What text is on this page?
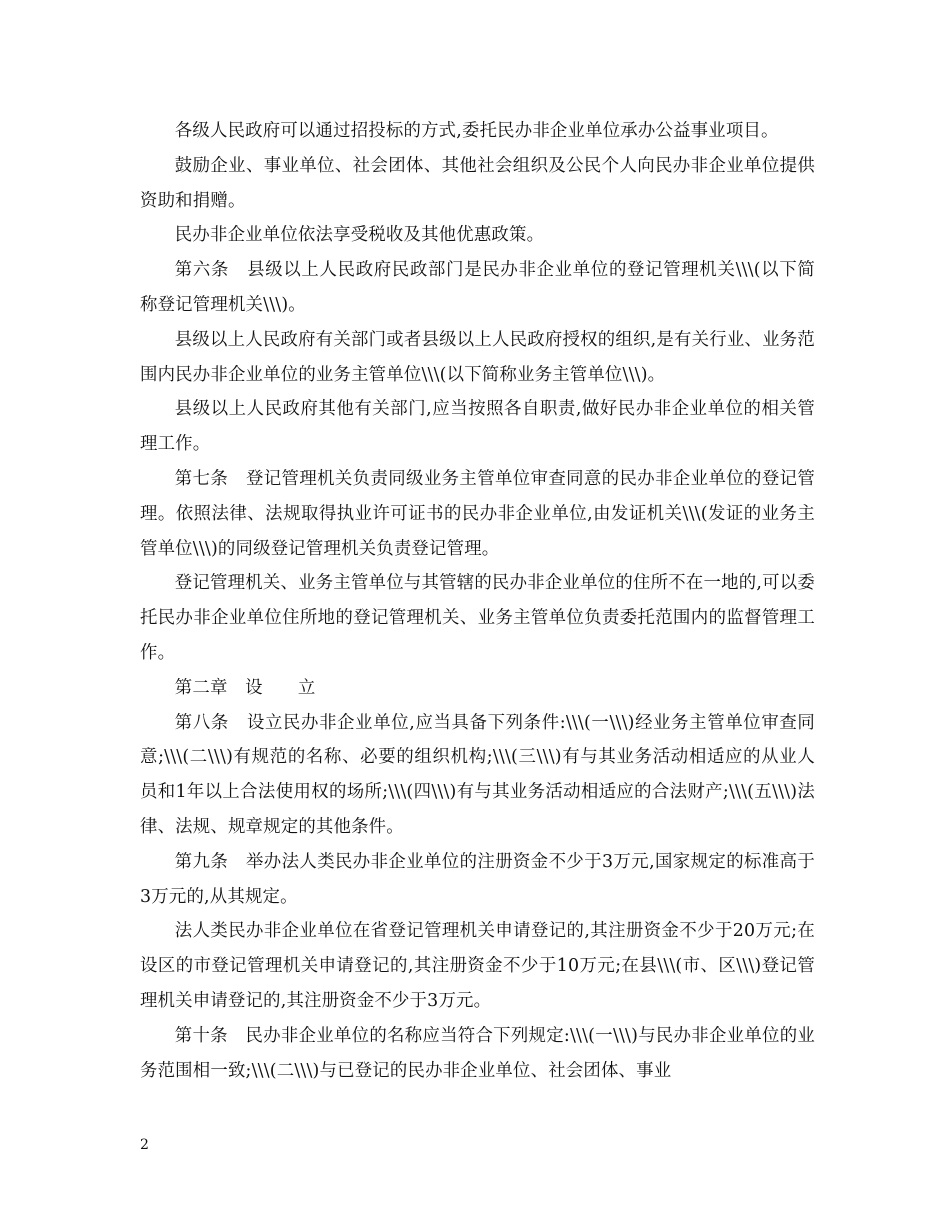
各级人民政府可以通过招投标的方式,委托民办非企业单位承办公益事业项目。

鼓励企业、事业单位、社会团体、其他社会组织及公民个人向民办非企业单位提供资助和捐赠。

民办非企业单位依法享受税收及其他优惠政策。

第六条　县级以上人民政府民政部门是民办非企业单位的登记管理机关\\\(以下简称登记管理机关\\\)。

县级以上人民政府有关部门或者县级以上人民政府授权的组织,是有关行业、业务范围内民办非企业单位的业务主管单位\\\(以下简称业务主管单位\\\)。

县级以上人民政府其他有关部门,应当按照各自职责,做好民办非企业单位的相关管理工作。

第七条　登记管理机关负责同级业务主管单位审查同意的民办非企业单位的登记管理。依照法律、法规取得执业许可证书的民办非企业单位,由发证机关\\\(发证的业务主管单位\\\)的同级登记管理机关负责登记管理。

登记管理机关、业务主管单位与其管辖的民办非企业单位的住所不在一地的,可以委托民办非企业单位住所地的登记管理机关、业务主管单位负责委托范围内的监督管理工作。

第二章　设　　立

第八条　设立民办非企业单位,应当具备下列条件:\\\(一\\\)经业务主管单位审查同意;\\\(二\\\)有规范的名称、必要的组织机构;\\\(三\\\)有与其业务活动相适应的从业人员和1年以上合法使用权的场所;\\\(四\\\)有与其业务活动相适应的合法财产;\\\(五\\\)法律、法规、规章规定的其他条件。

第九条　举办法人类民办非企业单位的注册资金不少于3万元,国家规定的标准高于3万元的,从其规定。

法人类民办非企业单位在省登记管理机关申请登记的,其注册资金不少于20万元;在设区的市登记管理机关申请登记的,其注册资金不少于10万元;在县\\\(市、区\\\)登记管理机关申请登记的,其注册资金不少于3万元。

第十条　民办非企业单位的名称应当符合下列规定:\\\(一\\\)与民办非企业单位的业务范围相一致;\\\(二\\\)与已登记的民办非企业单位、社会团体、事业

2
